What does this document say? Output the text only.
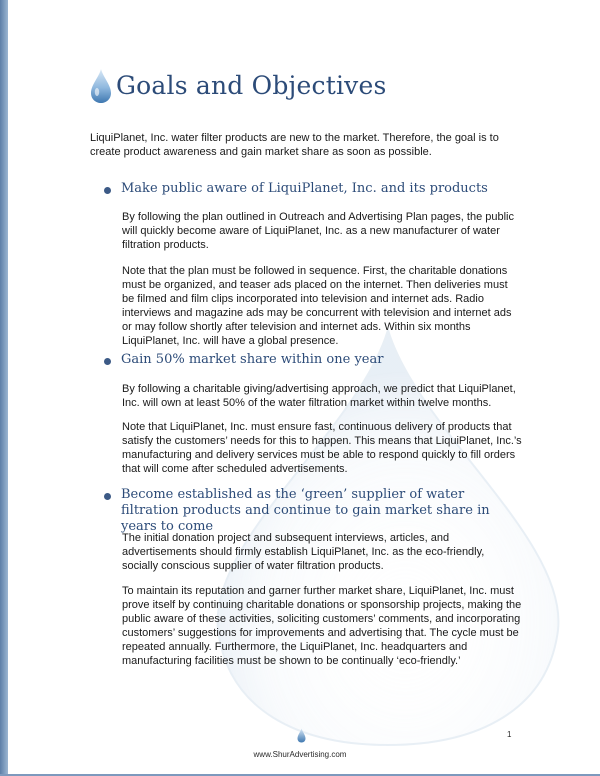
Goals and Objectives
LiquiPlanet, Inc. water filter products are new to the market. Therefore, the goal is to create product awareness and gain market share as soon as possible.
Make public aware of LiquiPlanet, Inc. and its products
By following the plan outlined in Outreach and Advertising Plan pages, the public will quickly become aware of LiquiPlanet, Inc. as a new manufacturer of water filtration products.
Note that the plan must be followed in sequence. First, the charitable donations must be organized, and teaser ads placed on the internet. Then deliveries must be filmed and film clips incorporated into television and internet ads. Radio interviews and magazine ads may be concurrent with television and internet ads or may follow shortly after television and internet ads. Within six months LiquiPlanet, Inc. will have a global presence.
Gain 50% market share within one year
By following a charitable giving/advertising approach, we predict that LiquiPlanet, Inc. will own at least 50% of the water filtration market within twelve months.
Note that LiquiPlanet, Inc. must ensure fast, continuous delivery of products that satisfy the customers’ needs for this to happen. This means that LiquiPlanet, Inc.’s manufacturing and delivery services must be able to respond quickly to fill orders that will come after scheduled advertisements.
Become established as the ‘green’ supplier of water filtration products and continue to gain market share in years to come
The initial donation project and subsequent interviews, articles, and advertisements should firmly establish LiquiPlanet, Inc. as the eco-friendly, socially conscious supplier of water filtration products.
To maintain its reputation and garner further market share, LiquiPlanet, Inc. must prove itself by continuing charitable donations or sponsorship projects, making the public aware of these activities, soliciting customers’ comments, and incorporating customers’ suggestions for improvements and advertising that. The cycle must be repeated annually. Furthermore, the LiquiPlanet, Inc. headquarters and manufacturing facilities must be shown to be continually ‘eco-friendly.’
1
www.ShurAdvertising.com
